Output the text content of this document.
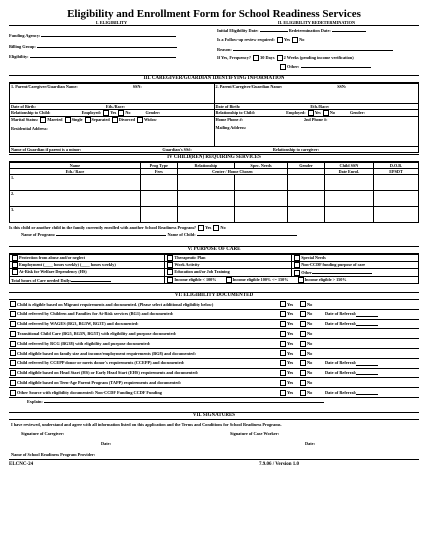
Eligibility and Enrollment Form for School Readiness Services
I. ELIGIBILITY	II. ELIGIBILITY REDETERMINATION
Funding Agency:
Billing Group:
Eligibility:
Initial Eligibility Date:	Redetermination Date:
Is a Follow-up review required: Yes No
Reason:
If Yes, Frequency? 30 Days 2 Weeks (pending income verification)
Other:
III. CAREGIVER/GUARDIAN IDENTIFYING INFORMATION
1. Parent/Caregiver/Guardian Name: SSN:	2. Parent/Caregiver/Guardian Name: SSN:
Date of Birth: Eth./Race:	Date of Birth: Eth./Race:
Relationship to Child: Employed: Yes No Gender:	Relationship to Child: Employed: Yes No Gender:
Marital Status: Married Single Separated Divorced Widow
Residential Address:	Home Phone #: 2nd Phone #:
Mailing Address:

Name of Guardian if parent is a minor: Guardian's SS#: Relationship to caregiver:	
IV CHILD(REN) REQUIRING SERVICES
Name	Prog Type	Relationship	Spec. Needs	Gender	Child SSN	D.O.B.
Eth./ Race	Fees	Center / Home Chosen			Date Enrol.	EPSDT
1.						
2.						
3.						
Is this child or another child in the family currently enrolled with another School Readiness Program? Yes No
Name of Program:	Name of Child:
V: PURPOSE OF CARE
Protection from abuse and/or neglect	Therapeutic Plan	Special Needs
Employment (____ hours weekly) (____ hours weekly)	Work Activity	Non-CCDF funding purpose of care
At-Risk for Welfare Dependency (HS)	Education and/or Job Training	Other
Total hours of Care needed Daily:	Income eligible < 100% Income eligible 100% <= 150% Income eligible > 150%	
VI: ELIGIBILITY DOCUMENTED
Child is eligible based on Migrant requirements and documented. (Please select additional eligibility below)	Yes	No
Child referred by Children and Families for At-Risk services (BG1) and documented:	Yes	No	Date of Referral:
Child referred by WAGES (BG3, BG3W, BG3T) and documented:	Yes	No	Date of Referral:
Transitional Child Care (BG5, BG5N, BG5T) with eligibility and purpose documented:	Yes	No
Child referred by RCG (BG38) with eligibility and purpose documented:	Yes	No
Child eligible based on family size and income/employment requirements (BG8) and documented:	Yes	No
Child referred by CCEPP donor or meets donor's requirements (CCEPP) and documented:	Yes	No	Date of Referral:
Child eligible based on Head Start (HS) or Early Head Start (EHS) requirements and documented:	Yes	No	Date of Referral:
Child eligible based on Teen-Age Parent Program (TAPP) requirements and documented:	Yes	No
Other Source with eligibility documented: Non-CCDF Funding CCDF Funding	Yes	No	Date of Referral:
Explain:
VII. SIGNATURES
I have reviewed, understand and agree with all information listed on this application and the Terms and Conditions for School Readiness Programs.
Signature of Caregiver:	Signature of Case Worker:
Date:	Date:
Name of School Readiness Program Provider:
ELCNC-24	7.9.06 / Version 1.0
